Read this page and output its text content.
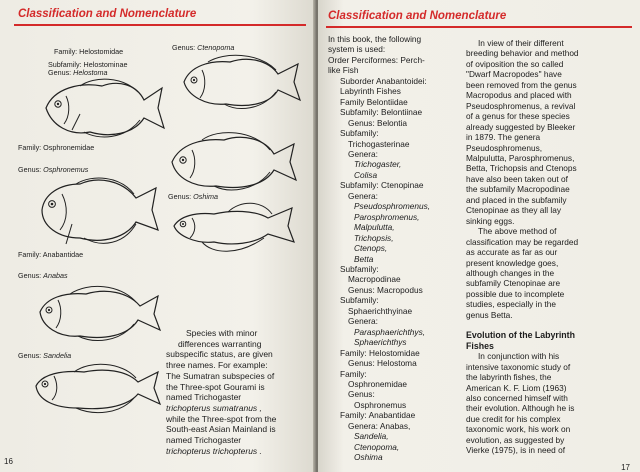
Classification and Nomenclature
Family: Helostomidae
Subfamily: Helostominae
Genus: Helostoma
Genus: Ctenopoma
Family: Osphronemidae
Genus: Osphronemus
Genus: Oshima
Family: Anabantidae
Genus: Anabas
Genus: Sandelia
Species with minor
differences warranting
subspecific status, are given
three names. For example:
The Sumatran subspecies of
the Three-spot Gourami is
named Trichogaster
trichopterus sumatranus ,
while the Three-spot from the
South-east Asian Mainland is
named Trichogaster
trichopterus trichopterus .
16
Classification and Nomenclature
In this book, the following
system is used:
Order Perciformes: Perch-
like Fish
Suborder Anabantoidei:
Labyrinth Fishes
Family Belontiidae
Subfamily: Belontiinae
Genus: Belontia
Subfamily:
Trichogasterinae
Genera:
Trichogaster,
Colisa
Subfamily: Ctenopinae
Genera:
Pseudosphromenus,
Parosphromenus,
Malpulutta,
Trichopsis,
Ctenops,
Betta
Subfamily:
Macropodinae
Genus: Macropodus
Subfamily:
Sphaerichthyinae
Genera:
Parasphaerichthys,
Sphaerichthys
Family: Helostomidae
Genus: Helostoma
Family:
Osphronemidae
Genus:
Osphronemus
Family: Anabantidae
Genera: Anabas,
Sandelia,
Ctenopoma,
Oshima
In view of their different
breeding behavior and method
of oviposition the so called
"Dwarf Macropodes" have
been removed from the genus
Macropodus and placed with
Pseudosphromenus, a revival
of a genus for these species
already suggested by Bleeker
in 1879. The genera
Pseudosphromenus,
Malpulutta, Parosphromenus,
Betta, Trichopsis and Ctenops
have also been taken out of
the subfamily Macropodinae
and placed in the subfamily
Ctenopinae as they all lay
sinking eggs.
The above method of
classification may be regarded
as accurate as far as our
present knowledge goes,
although changes in the
subfamily Ctenopinae are
possible due to incomplete
studies, especially in the
genus Betta.
Evolution of the Labyrinth
Fishes
In conjunction with his
intensive taxonomic study of
the labyrinth fishes, the
American K. F. Liom (1963)
also concerned himself with
their evolution. Although he is
due credit for his complex
taxonomic work, his work on
evolution, as suggested by
Vierke (1975), is in need of
17
